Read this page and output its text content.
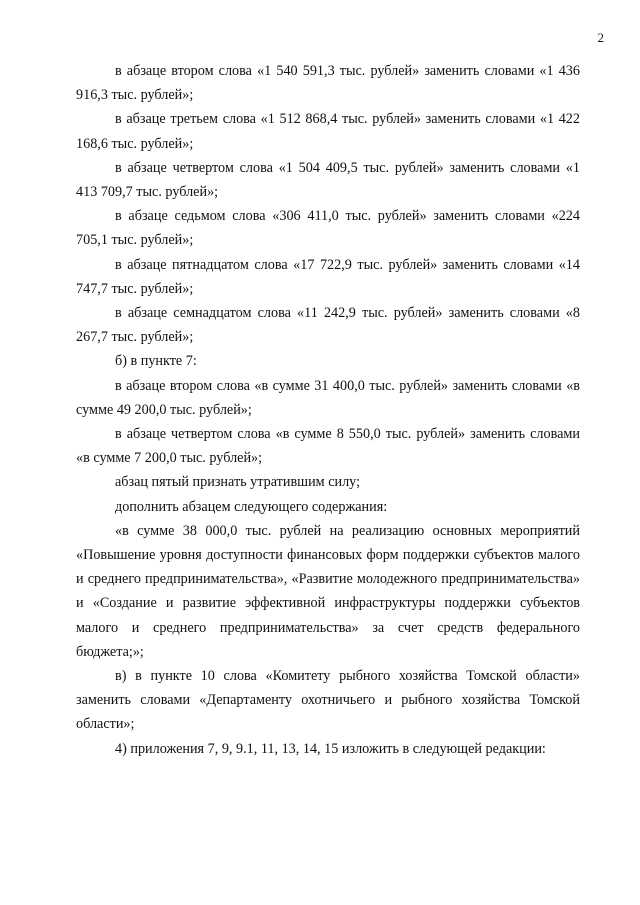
2

в абзаце втором слова «1 540 591,3 тыс. рублей» заменить словами «1 436 916,3 тыс. рублей»;

в абзаце третьем слова «1 512 868,4 тыс. рублей» заменить словами «1 422 168,6 тыс. рублей»;

в абзаце четвертом слова «1 504 409,5 тыс. рублей» заменить словами «1 413 709,7 тыс. рублей»;

в абзаце седьмом слова «306 411,0 тыс. рублей» заменить словами «224 705,1 тыс. рублей»;

в абзаце пятнадцатом слова «17 722,9 тыс. рублей» заменить словами «14 747,7 тыс. рублей»;

в абзаце семнадцатом слова «11 242,9 тыс. рублей» заменить словами «8 267,7 тыс. рублей»;

б) в пункте 7:

в абзаце втором слова «в сумме 31 400,0 тыс. рублей» заменить словами «в сумме 49 200,0 тыс. рублей»;

в абзаце четвертом слова «в сумме 8 550,0 тыс. рублей» заменить словами «в сумме 7 200,0 тыс. рублей»;

абзац пятый признать утратившим силу;

дополнить абзацем следующего содержания:

«в сумме 38 000,0 тыс. рублей на реализацию основных мероприятий «Повышение уровня доступности финансовых форм поддержки субъектов малого и среднего предпринимательства», «Развитие молодежного предпринимательства» и «Создание и развитие эффективной инфраструктуры поддержки субъектов малого и среднего предпринимательства» за счет средств федерального бюджета;»;

в) в пункте 10 слова «Комитету рыбного хозяйства Томской области» заменить словами «Департаменту охотничьего и рыбного хозяйства Томской области»;

4) приложения 7, 9, 9.1, 11, 13, 14, 15 изложить в следующей редакции:
